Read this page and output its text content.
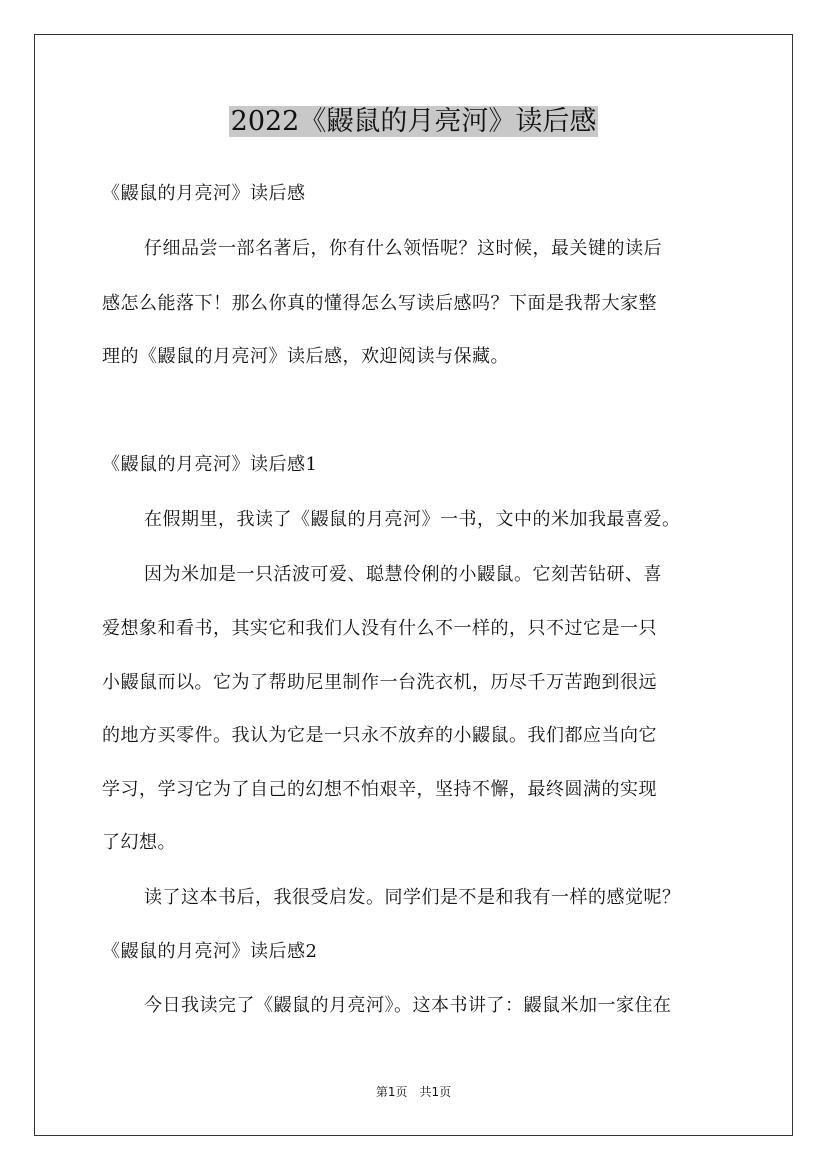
2022《鼹鼠的月亮河》读后感
《鼹鼠的月亮河》读后感
仔细品尝一部名著后，你有什么领悟呢？这时候，最关键的读后
感怎么能落下！那么你真的懂得怎么写读后感吗？下面是我帮大家整
理的《鼹鼠的月亮河》读后感，欢迎阅读与保藏。
《鼹鼠的月亮河》读后感1
在假期里，我读了《鼹鼠的月亮河》一书，文中的米加我最喜爱。
因为米加是一只活波可爱、聪慧伶俐的小鼹鼠。它刻苦钻研、喜
爱想象和看书，其实它和我们人没有什么不一样的，只不过它是一只
小鼹鼠而以。它为了帮助尼里制作一台洗衣机，历尽千万苦跑到很远
的地方买零件。我认为它是一只永不放弃的小鼹鼠。我们都应当向它
学习，学习它为了自己的幻想不怕艰辛，坚持不懈，最终圆满的实现
了幻想。
读了这本书后，我很受启发。同学们是不是和我有一样的感觉呢？
《鼹鼠的月亮河》读后感2
今日我读完了《鼹鼠的月亮河》。这本书讲了：鼹鼠米加一家住在
第1页　共1页
